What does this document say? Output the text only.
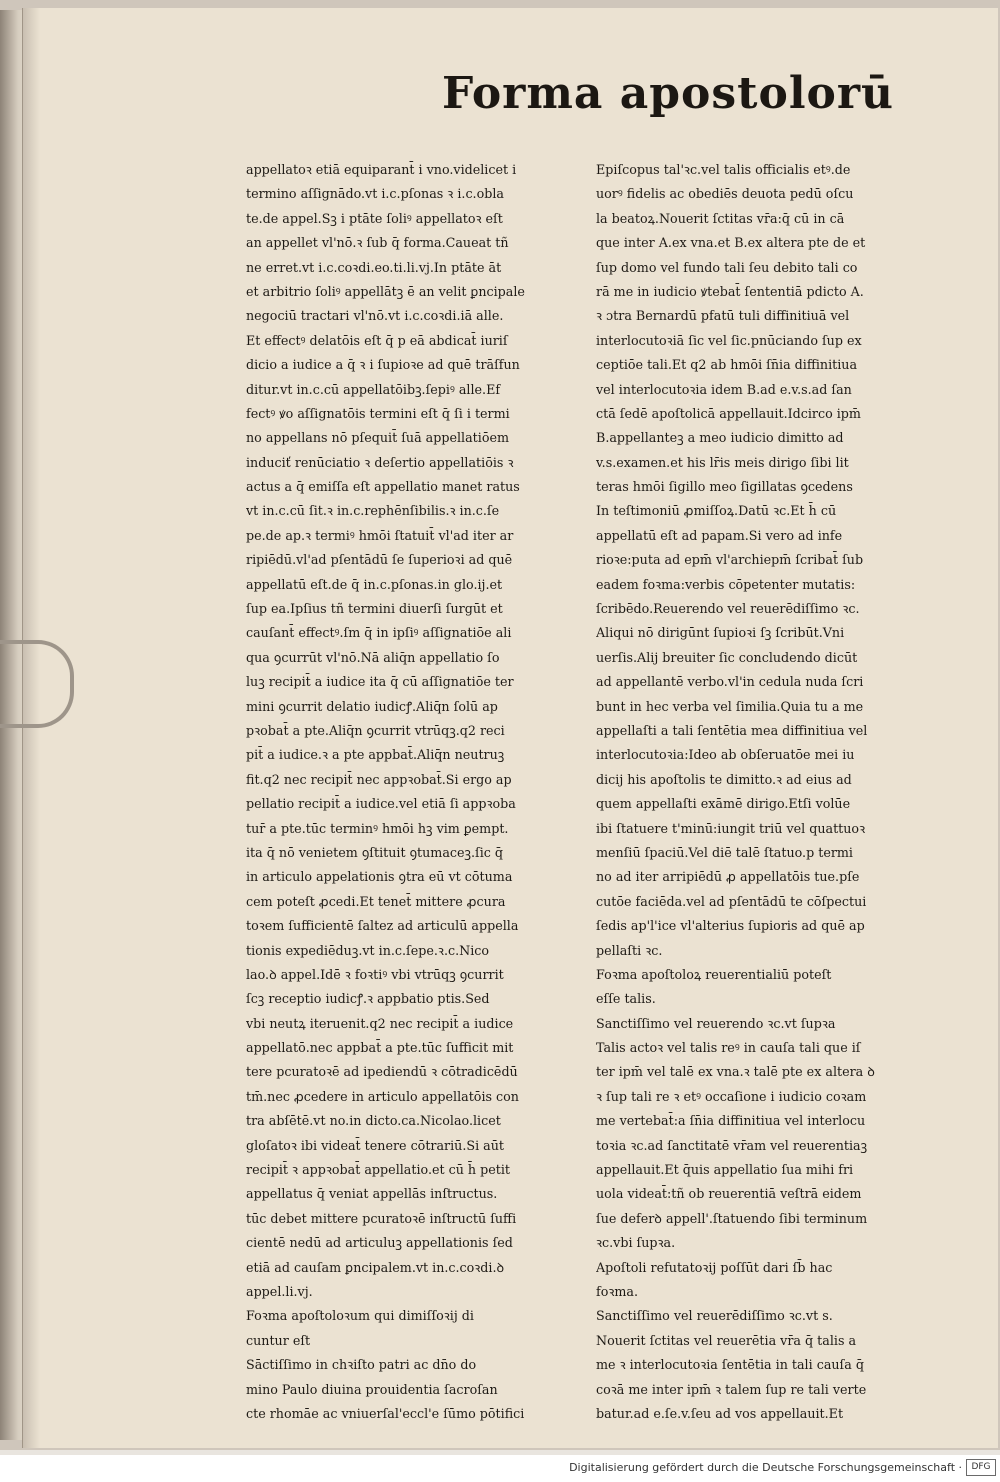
Forma apostolorū
appellatoꝛ etiā equiparant̄ i vno.videlicet i
termino aſſignādo.vt i.c.pſonas ꝛ i.c.obla
te.de appel.Sꝫ i ptāte ſoliꝰ appellatoꝛ eſt
an appellet vl'nō.ꝛ ſub q̄ forma.Caueat tñ
ne erret.vt i.c.coꝛdi.eo.ti.li.vj.In ptāte āt
et arbitrio ſoliꝰ appellātꝫ ē an velit ꝑncipale
negociū tractari vl'nō.vt i.c.coꝛdi.iā alle.
Et effectꝰ delatōis eſt q̄ p eā abdicat̄ iuriſ
dicio a iudice a q̄ ꝛ i ſupioꝛe ad quē trāſfun
ditur.vt in.c.cū appellatōibꝫ.ſepiꝰ alle.Ef
fectꝰ ꝟo aſſignatōis termini eſt q̄ ſi i termi
no appellans nō pſequit̄ ſuā appellatiōem
induciť renūciatio ꝛ deſertio appellatiōis ꝛ
actus a q̄ emiſſa eſt appellatio manet ratus
vt in.c.cū ſit.ꝛ in.c.rephēnſibilis.ꝛ in.c.ſe
pe.de ap.ꝛ termiꝰ hmōi ſtatuit̄ vl'ad iter ar
ripiēdū.vl'ad pſentādū ſe ſuperioꝛi ad quē
appellatū eſt.de q̄ in.c.pſonas.in glo.ij.et
ſup ea.Ipſius tñ termini diuerſi ſurgūt et
cauſant̄ effectꝰ.ſm q̄ in ipſiꝰ aſſignatiōe ali
qua ꝯcurrūt vl'nō.Nā aliq̄n appellatio ſo
luꝫ recipit̄ a iudice ita q̄ cū aſſignatiōe ter
mini ꝯcurrit delatio iudicꝭ.Aliq̄n ſolū ap
pꝛobat̄ a pte.Aliq̄n ꝯcurrit vtrūqꝫ.q2 reci
pit̄ a iudice.ꝛ a pte appbat̄.Aliq̄n neutruꝫ
fit.q2 nec recipit̄ nec appꝛobat̄.Si ergo ap
pellatio recipit̄ a iudice.vel etiā ſi appꝛoba
tur̄ a pte.tūc terminꝰ hmōi hꝫ vim ꝑempt.
ita q̄ nō venietem ꝯſtituit ꝯtumaceꝫ.ſic q̄
in articulo appelationis ꝯtra eū vt cōtuma
cem poteſt ꝓcedi.Et tenet̄ mittere ꝓcura
toꝛem ſufficientē ſaltez ad articulū appella
tionis expediēduꝫ.vt in.c.ſepe.ꝛ.c.Nico
lao.ꝺ appel.Idē ꝛ foꝛtiꝰ vbi vtrūqꝫ ꝯcurrit
ſcꝫ receptio iudicꝭ.ꝛ appbatio ptis.Sed
vbi neutꝝ iteruenit.q2 nec recipit̄ a iudice
appellatō.nec appbat̄ a pte.tūc ſufficit mit
tere pcuratoꝛē ad ipediendū ꝛ cōtradicēdū
tm̄.nec ꝓcedere in articulo appellatōis con
tra abſētē.vt no.in dicto.ca.Nicolao.licet
gloſatoꝛ ibi videat̄ tenere cōtrariū.Si aūt
recipit̄ ꝛ appꝛobat̄ appellatio.et cū h̄ petit
appellatus q̄ veniat appellās inſtructus.
tūc debet mittere pcuratoꝛē inſtructū ſuffi
cientē nedū ad articuluꝫ appellationis ſed
etiā ad cauſam ꝑncipalem.vt in.c.coꝛdi.ꝺ
appel.li.vj.
Foꝛma apoſtoloꝛum qui dimiſſoꝛij di
cuntur eſt
Sāctiſſimo in chꝛiſto patri ac dn̄o do
mino Paulo diuina prouidentia ſacroſan
cte rhomāe ac vniuerſal'eccl'e ſūmo pōtifici
Epiſcopus tal'ꝛc.vel talis officialis etꝰ.de
uorꝰ fidelis ac obediēs deuota pedū oſcu
la beatoꝝ.Nouerit ſctitas vr̄a:q̄ cū in cā
que inter A.ex vna.et B.ex altera pte de et
ſup domo vel fundo tali ſeu debito tali co
rā me in iudicio ꝟtebat̄ ſententiā pdicto A.
ꝛ ɔtra Bernardū pfatū tuli diffinitiuā vel
interlocutoꝛiā ſic vel ſic.pnūciando ſup ex
ceptiōe tali.Et q2 ab hmōi ſn̄ia diffinitiua
vel interlocutoꝛia idem B.ad e.v.s.ad ſan
ctā ſedē apoſtolicā appellauit.Idcirco ipm̄
B.appellanteꝫ a meo iudicio dimitto ad
v.s.examen.et his lr̄is meis dirigo ſibi lit
teras hmōi ſigillo meo ſigillatas ꝯcedens
In teſtimoniū ꝓmiſſoꝝ.Datū ꝛc.Et h̄ cū
appellatū eſt ad papam.Si vero ad infe
rioꝛe:puta ad epm̄ vl'archiepm̄ ſcribat̄ ſub
eadem foꝛma:verbis cōpetenter mutatis:
ſcribēdo.Reuerendo vel reuerēdiſſimo ꝛc.
Aliqui nō dirigūnt ſupioꝛi ſꝫ ſcribūt.Vni
uerſis.Alij breuiter ſic concludendo dicūt
ad appellantē verbo.vl'in cedula nuda ſcri
bunt in hec verba vel ſimilia.Quia tu a me
appellaſti a tali ſentētia mea diffinitiua vel
interlocutoꝛia:Ideo ab obſeruatōe mei iu
dicij his apoſtolis te dimitto.ꝛ ad eius ad
quem appellaſti exāmē dirigo.Etſi volūe
ibi ſtatuere t'minū:iungit triū vel quattuoꝛ
menſiū ſpaciū.Vel diē talē ſtatuo.p termi
no ad iter arripiēdū ꝓ appellatōis tue.pſe
cutōe faciēda.vel ad pſentādū te cōſpectui
ſedis ap'l'ice vl'alterius ſupioris ad quē ap
pellaſti ꝛc.
Foꝛma apoſtoloꝝ reuerentialiū poteſt
eſſe talis.
Sanctiſſimo vel reuerendo ꝛc.vt ſupꝛa
Talis actoꝛ vel talis reꝰ in cauſa tali que iſ
ter ipm̄ vel talē ex vna.ꝛ talē pte ex altera ꝺ
ꝛ ſup tali re ꝛ etꝰ occaſione i iudicio coꝛam
me vertebat̄:a ſn̄ia diffinitiua vel interlocu
toꝛia ꝛc.ad ſanctitatē vr̄am vel reuerentiaꝫ
appellauit.Et q̄uis appellatio ſua mihi fri
uola videat̄:tñ ob reuerentiā veſtrā eidem
ſue deferꝺ appell'.ſtatuendo ſibi terminum
ꝛc.vbi ſupꝛa.
Apoſtoli refutatoꝛij poſſūt dari ſb̄ hac
foꝛma.
Sanctiſſimo vel reuerēdiſſimo ꝛc.vt s.
Nouerit ſctitas vel reuerētia vr̄a q̄ talis a
me ꝛ interlocutoꝛia ſentētia in tali cauſa q̄
coꝛā me inter ipm̄ ꝛ talem ſup re tali verte
batur.ad e.ſe.v.ſeu ad vos appellauit.Et
Digitalisierung gefördert durch die Deutsche Forschungsgemeinschaft ·	DFG
